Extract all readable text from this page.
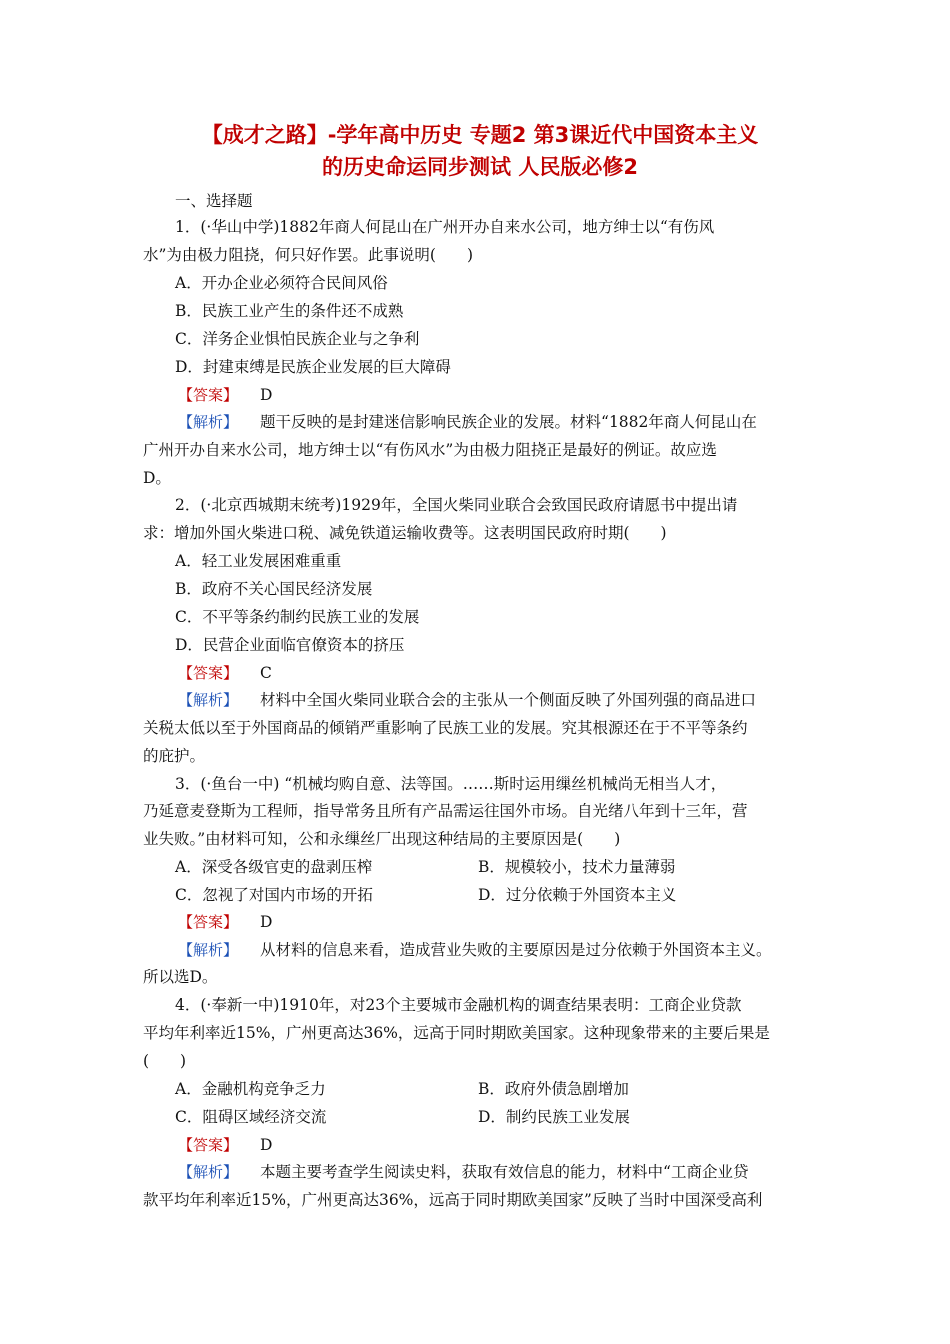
【成才之路】-学年高中历史 专题2 第3课近代中国资本主义
的历史命运同步测试 人民版必修2
一、选择题
1．(·华山中学)1882年商人何昆山在广州开办自来水公司，地方绅士以“有伤风
水”为由极力阻挠，何只好作罢。此事说明(　　)
A．开办企业必须符合民间风俗
B．民族工业产生的条件还不成熟
C．洋务企业惧怕民族企业与之争利
D．封建束缚是民族企业发展的巨大障碍
【答案】 D
【解析】 题干反映的是封建迷信影响民族企业的发展。材料“1882年商人何昆山在
广州开办自来水公司，地方绅士以“有伤风水”为由极力阻挠正是最好的例证。故应选
D。
2．(·北京西城期末统考)1929年，全国火柴同业联合会致国民政府请愿书中提出请
求：增加外国火柴进口税、减免铁道运输收费等。这表明国民政府时期(　　)
A．轻工业发展困难重重
B．政府不关心国民经济发展
C．不平等条约制约民族工业的发展
D．民营企业面临官僚资本的挤压
【答案】 C
【解析】 材料中全国火柴同业联合会的主张从一个侧面反映了外国列强的商品进口
关税太低以至于外国商品的倾销严重影响了民族工业的发展。究其根源还在于不平等条约
的庇护。
3．(·鱼台一中) “机械均购自意、法等国。……斯时运用缫丝机械尚无相当人才，
乃延意麦登斯为工程师，指导常务且所有产品需运往国外市场。自光绪八年到十三年，营
业失败。”由材料可知，公和永缫丝厂出现这种结局的主要原因是(　　)
A．深受各级官吏的盘剥压榨	B．规模较小，技术力量薄弱
C．忽视了对国内市场的开拓	D．过分依赖于外国资本主义
【答案】 D
【解析】 从材料的信息来看，造成营业失败的主要原因是过分依赖于外国资本主义。
所以选D。
4．(·奉新一中)1910年，对23个主要城市金融机构的调查结果表明：工商企业贷款
平均年利率近15%，广州更高达36%，远高于同时期欧美国家。这种现象带来的主要后果是
(　　)
A．金融机构竞争乏力	B．政府外债急剧增加
C．阻碍区域经济交流	D．制约民族工业发展
【答案】 D
【解析】 本题主要考查学生阅读史料，获取有效信息的能力，材料中“工商企业贷
款平均年利率近15%，广州更高达36%，远高于同时期欧美国家”反映了当时中国深受高利
